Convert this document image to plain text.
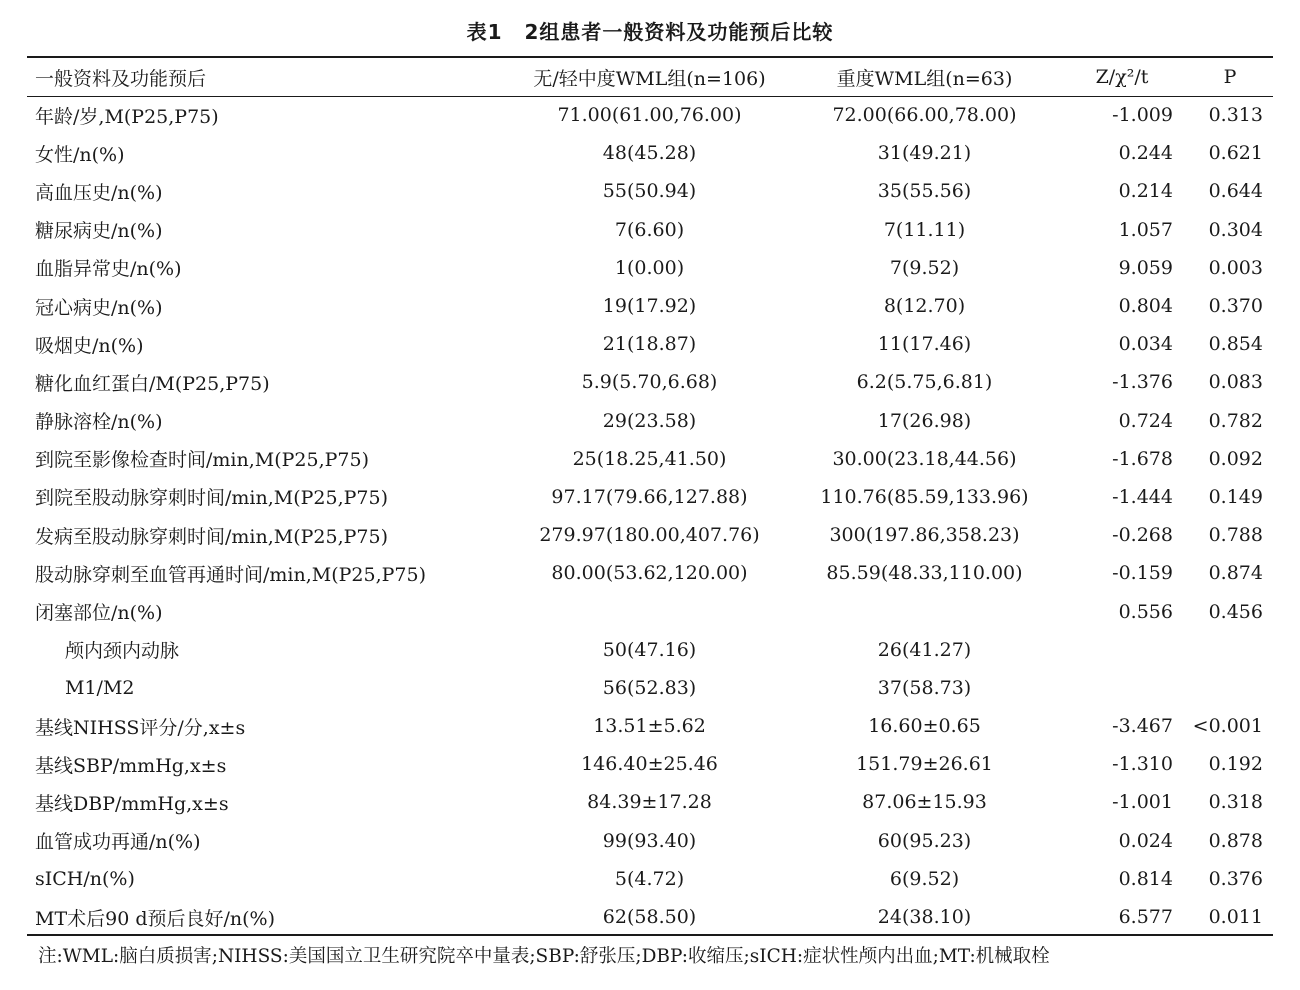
表1 2组患者一般资料及功能预后比较
一般资料及功能预后	无/轻中度WML组(n=106)	重度WML组(n=63)	Z/χ²/t	P
年龄/岁,M(P25,P75)	71.00(61.00,76.00)	72.00(66.00,78.00)	-1.009	0.313
女性/n(%)	48(45.28)	31(49.21)	0.244	0.621
高血压史/n(%)	55(50.94)	35(55.56)	0.214	0.644
糖尿病史/n(%)	7(6.60)	7(11.11)	1.057	0.304
血脂异常史/n(%)	1(0.00)	7(9.52)	9.059	0.003
冠心病史/n(%)	19(17.92)	8(12.70)	0.804	0.370
吸烟史/n(%)	21(18.87)	11(17.46)	0.034	0.854
糖化血红蛋白/M(P25,P75)	5.9(5.70,6.68)	6.2(5.75,6.81)	-1.376	0.083
静脉溶栓/n(%)	29(23.58)	17(26.98)	0.724	0.782
到院至影像检查时间/min,M(P25,P75)	25(18.25,41.50)	30.00(23.18,44.56)	-1.678	0.092
到院至股动脉穿刺时间/min,M(P25,P75)	97.17(79.66,127.88)	110.76(85.59,133.96)	-1.444	0.149
发病至股动脉穿刺时间/min,M(P25,P75)	279.97(180.00,407.76)	300(197.86,358.23)	-0.268	0.788
股动脉穿刺至血管再通时间/min,M(P25,P75)	80.00(53.62,120.00)	85.59(48.33,110.00)	-0.159	0.874
闭塞部位/n(%)			0.556	0.456
颅内颈内动脉	50(47.16)	26(41.27)		
M1/M2	56(52.83)	37(58.73)		
基线NIHSS评分/分,x±s	13.51±5.62	16.60±0.65	-3.467	<0.001
基线SBP/mmHg,x±s	146.40±25.46	151.79±26.61	-1.310	0.192
基线DBP/mmHg,x±s	84.39±17.28	87.06±15.93	-1.001	0.318
血管成功再通/n(%)	99(93.40)	60(95.23)	0.024	0.878
sICH/n(%)	5(4.72)	6(9.52)	0.814	0.376
MT术后90 d预后良好/n(%)	62(58.50)	24(38.10)	6.577	0.011
注:WML:脑白质损害;NIHSS:美国国立卫生研究院卒中量表;SBP:舒张压;DBP:收缩压;sICH:症状性颅内出血;MT:机械取栓
